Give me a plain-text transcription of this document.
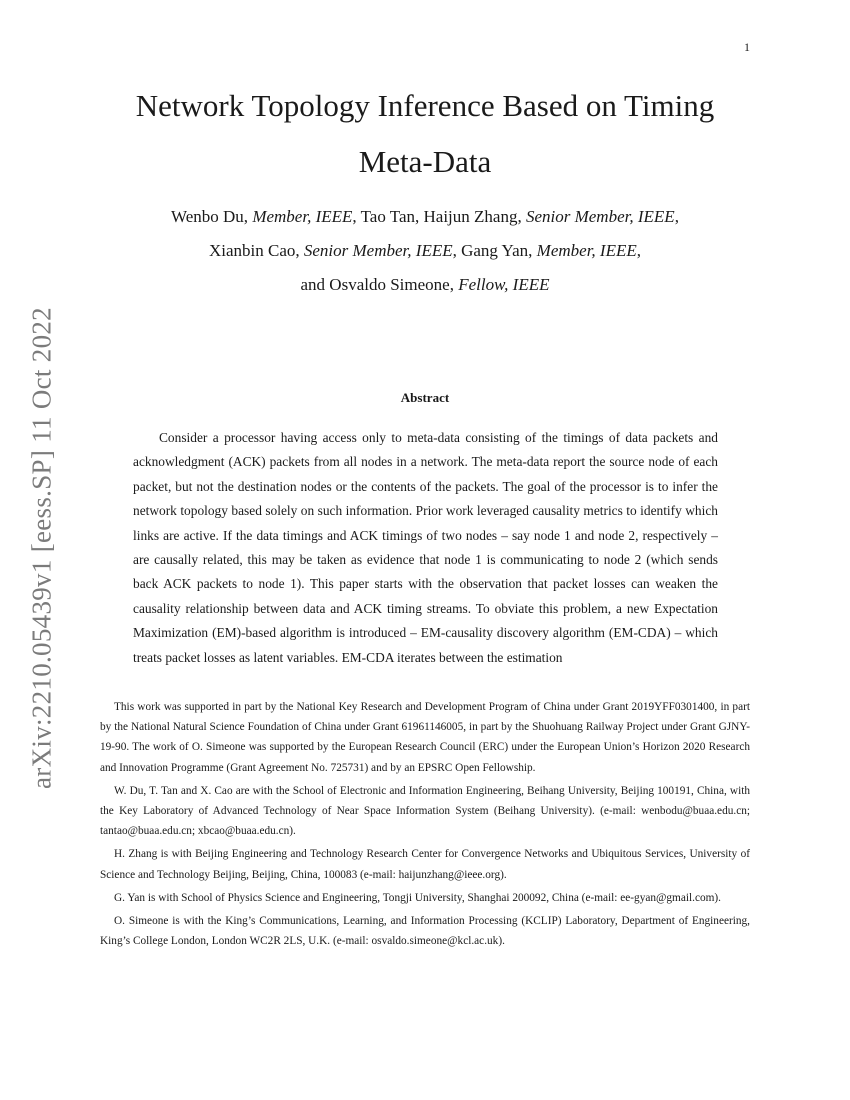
1
arXiv:2210.05439v1 [eess.SP] 11 Oct 2022
Network Topology Inference Based on Timing
Meta-Data
Wenbo Du, Member, IEEE, Tao Tan, Haijun Zhang, Senior Member, IEEE,
Xianbin Cao, Senior Member, IEEE, Gang Yan, Member, IEEE,
and Osvaldo Simeone, Fellow, IEEE
Abstract

Consider a processor having access only to meta-data consisting of the timings of data packets and acknowledgment (ACK) packets from all nodes in a network. The meta-data report the source node of each packet, but not the destination nodes or the contents of the packets. The goal of the processor is to infer the network topology based solely on such information. Prior work leveraged causality metrics to identify which links are active. If the data timings and ACK timings of two nodes – say node 1 and node 2, respectively – are causally related, this may be taken as evidence that node 1 is communicating to node 2 (which sends back ACK packets to node 1). This paper starts with the observation that packet losses can weaken the causality relationship between data and ACK timing streams. To obviate this problem, a new Expectation Maximization (EM)-based algorithm is introduced – EM-causality discovery algorithm (EM-CDA) – which treats packet losses as latent variables. EM-CDA iterates between the estimation

This work was supported in part by the National Key Research and Development Program of China under Grant 2019YFF0301400, in part by the National Natural Science Foundation of China under Grant 61961146005, in part by the Shuohuang Railway Project under Grant GJNY-19-90. The work of O. Simeone was supported by the European Research Council (ERC) under the European Union’s Horizon 2020 Research and Innovation Programme (Grant Agreement No. 725731) and by an EPSRC Open Fellowship.

W. Du, T. Tan and X. Cao are with the School of Electronic and Information Engineering, Beihang University, Beijing 100191, China, with the Key Laboratory of Advanced Technology of Near Space Information System (Beihang University). (e-mail: wenbodu@buaa.edu.cn; tantao@buaa.edu.cn; xbcao@buaa.edu.cn).

H. Zhang is with Beijing Engineering and Technology Research Center for Convergence Networks and Ubiquitous Services, University of Science and Technology Beijing, Beijing, China, 100083 (e-mail: haijunzhang@ieee.org).

G. Yan is with School of Physics Science and Engineering, Tongji University, Shanghai 200092, China (e-mail: ee-gyan@gmail.com).

O. Simeone is with the King’s Communications, Learning, and Information Processing (KCLIP) Laboratory, Department of Engineering, King’s College London, London WC2R 2LS, U.K. (e-mail: osvaldo.simeone@kcl.ac.uk).
